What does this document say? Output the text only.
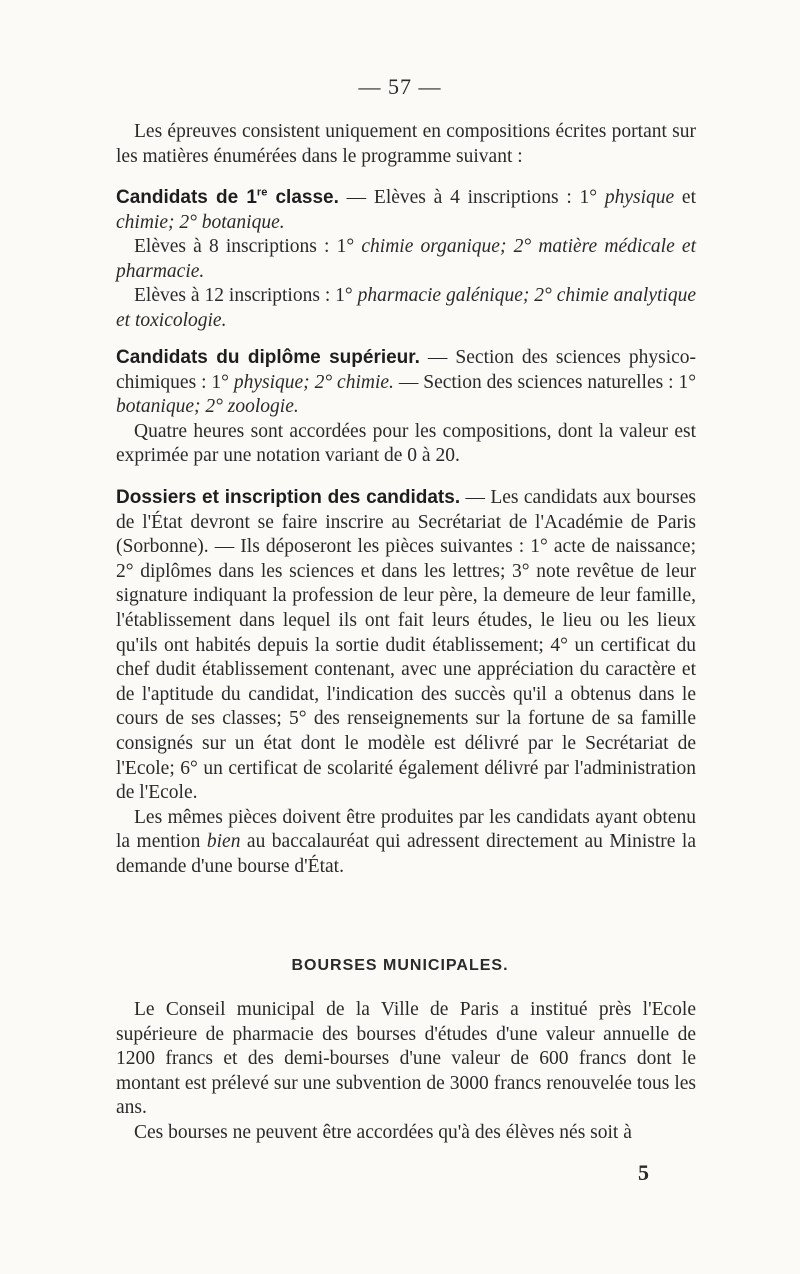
— 57 —

Les épreuves consistent uniquement en compositions écrites portant sur les matières énumérées dans le programme suivant :

Candidats de 1re classe. — Elèves à 4 inscriptions : 1° physique et chimie; 2° botanique.

Elèves à 8 inscriptions : 1° chimie organique; 2° matière médicale et pharmacie.

Elèves à 12 inscriptions : 1° pharmacie galénique; 2° chimie analytique et toxicologie.

Candidats du diplôme supérieur. — Section des sciences physico-chimiques : 1° physique; 2° chimie. — Section des sciences naturelles : 1° botanique; 2° zoologie.

Quatre heures sont accordées pour les compositions, dont la valeur est exprimée par une notation variant de 0 à 20.

Dossiers et inscription des candidats. — Les candidats aux bourses de l'État devront se faire inscrire au Secrétariat de l'Académie de Paris (Sorbonne). — Ils déposeront les pièces suivantes : 1° acte de naissance; 2° diplômes dans les sciences et dans les lettres; 3° note revêtue de leur signature indiquant la profession de leur père, la demeure de leur famille, l'établissement dans lequel ils ont fait leurs études, le lieu ou les lieux qu'ils ont habités depuis la sortie dudit établissement; 4° un certificat du chef dudit établissement contenant, avec une appréciation du caractère et de l'aptitude du candidat, l'indication des succès qu'il a obtenus dans le cours de ses classes; 5° des renseignements sur la fortune de sa famille consignés sur un état dont le modèle est délivré par le Secrétariat de l'Ecole; 6° un certificat de scolarité également délivré par l'administration de l'Ecole.

Les mêmes pièces doivent être produites par les candidats ayant obtenu la mention bien au baccalauréat qui adressent directement au Ministre la demande d'une bourse d'État.

BOURSES MUNICIPALES.

Le Conseil municipal de la Ville de Paris a institué près l'Ecole supérieure de pharmacie des bourses d'études d'une valeur annuelle de 1200 francs et des demi-bourses d'une valeur de 600 francs dont le montant est prélevé sur une subvention de 3000 francs renouvelée tous les ans.

Ces bourses ne peuvent être accordées qu'à des élèves nés soit à

5
